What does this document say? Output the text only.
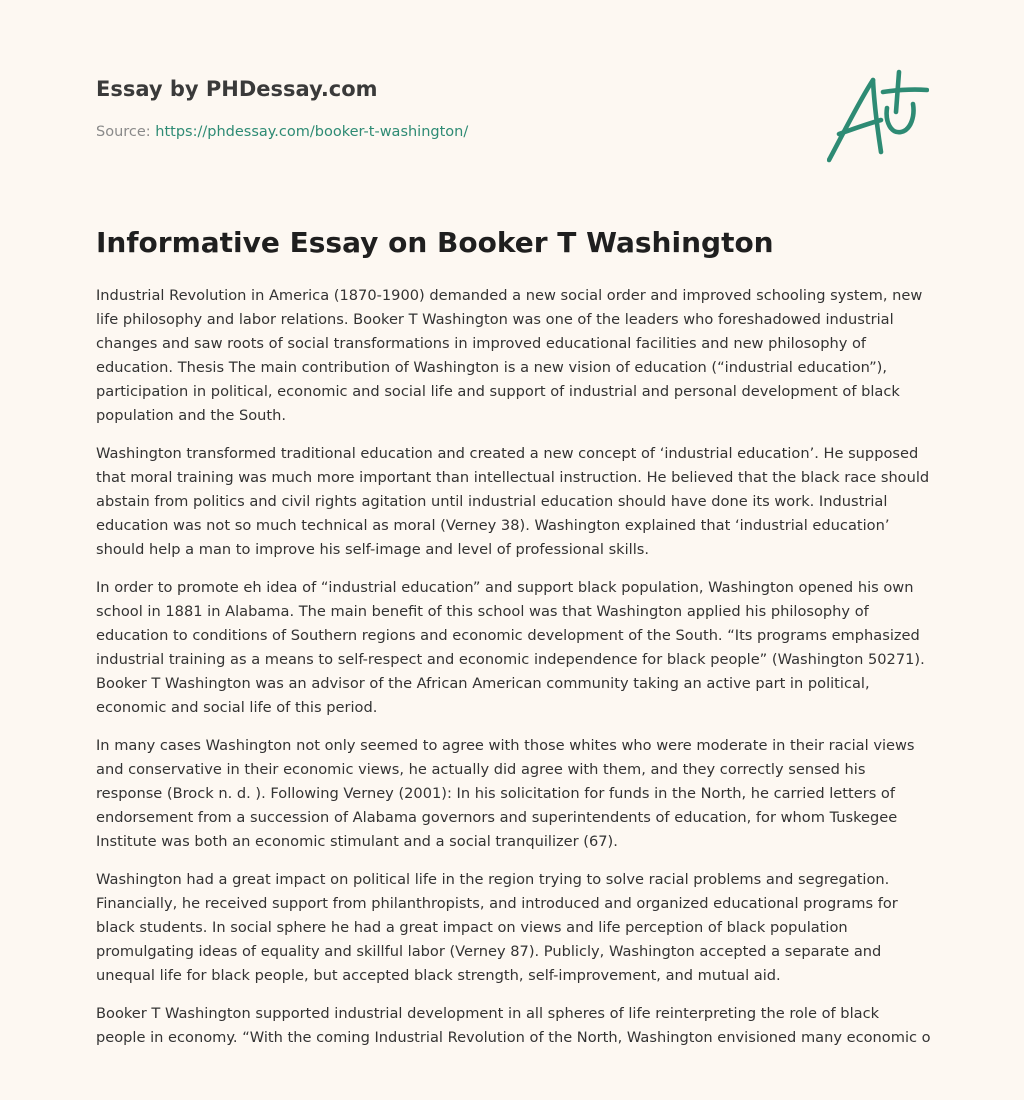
Essay by PHDessay.com
Source: https://phdessay.com/booker-t-washington/
Informative Essay on Booker T Washington

Industrial Revolution in America (1870-1900) demanded a new social order and improved schooling system, new life philosophy and labor relations. Booker T Washington was one of the leaders who foreshadowed industrial changes and saw roots of social transformations in improved educational facilities and new philosophy of education. Thesis The main contribution of Washington is a new vision of education (“industrial education”), participation in political, economic and social life and support of industrial and personal development of black population and the South.

Washington transformed traditional education and created a new concept of ‘industrial education’. He supposed that moral training was much more important than intellectual instruction. He believed that the black race should abstain from politics and civil rights agitation until industrial education should have done its work. Industrial education was not so much technical as moral (Verney 38). Washington explained that ‘industrial education’ should help a man to improve his self-image and level of professional skills.

In order to promote eh idea of “industrial education” and support black population, Washington opened his own school in 1881 in Alabama. The main benefit of this school was that Washington applied his philosophy of education to conditions of Southern regions and economic development of the South. “Its programs emphasized industrial training as a means to self-respect and economic independence for black people” (Washington 50271). Booker T Washington was an advisor of the African American community taking an active part in political, economic and social life of this period.

In many cases Washington not only seemed to agree with those whites who were moderate in their racial views and conservative in their economic views, he actually did agree with them, and they correctly sensed his response (Brock n. d. ). Following Verney (2001): In his solicitation for funds in the North, he carried letters of endorsement from a succession of Alabama governors and superintendents of education, for whom Tuskegee Institute was both an economic stimulant and a social tranquilizer (67).

Washington had a great impact on political life in the region trying to solve racial problems and segregation. Financially, he received support from philanthropists, and introduced and organized educational programs for black students. In social sphere he had a great impact on views and life perception of black population promulgating ideas of equality and skillful labor (Verney 87). Publicly, Washington accepted a separate and unequal life for black people, but accepted black strength, self-improvement, and mutual aid.

Booker T Washington supported industrial development in all spheres of life reinterpreting the role of black people in economy. “With the coming Industrial Revolution of the North, Washington envisioned many economic o
